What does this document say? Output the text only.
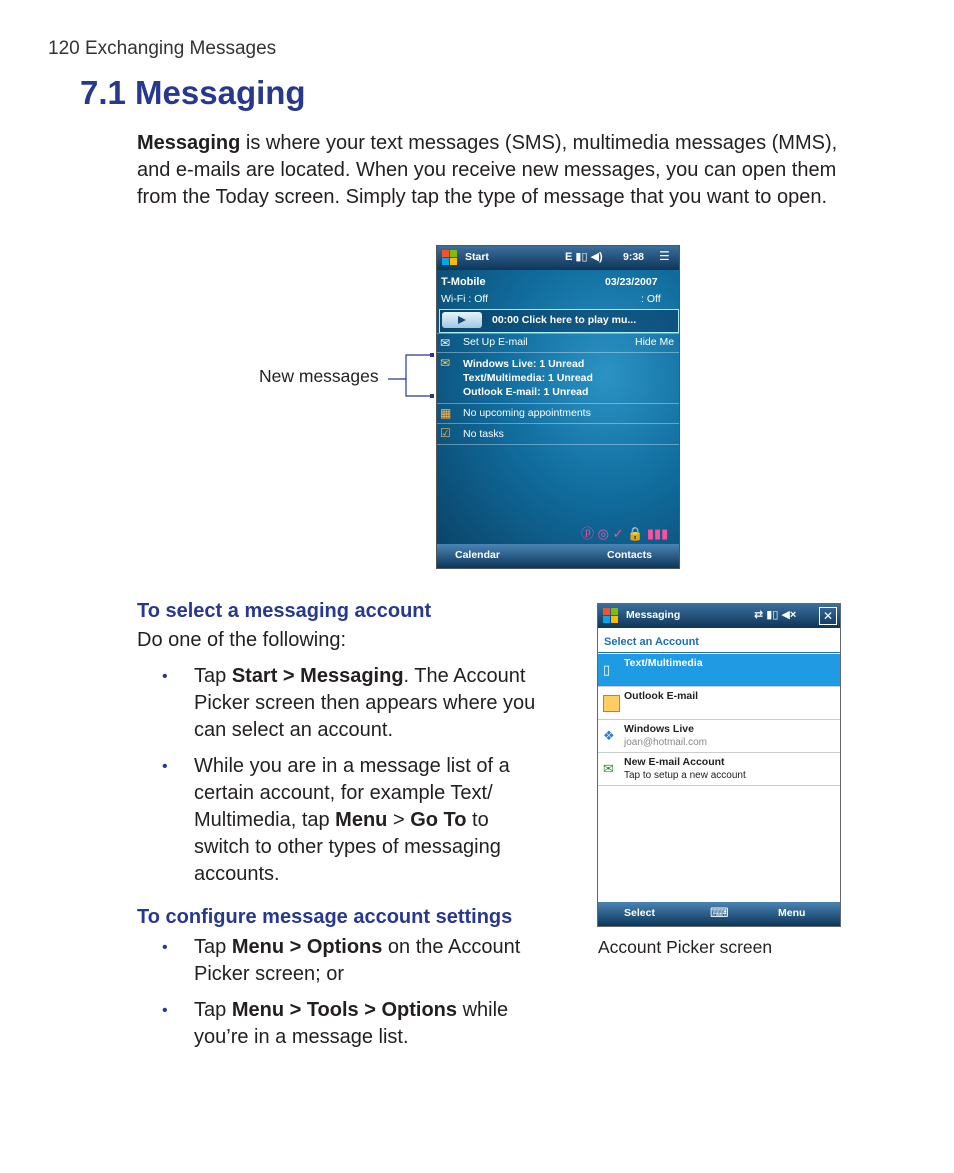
120 Exchanging Messages
7.1 Messaging
Messaging is where your text messages (SMS), multimedia messages (MMS), and e-mails are located. When you receive new messages, you can open them from the Today screen. Simply tap the type of message that you want to open.
Start	E ▮▯ ◀) 9:38 ☰
T-Mobile	03/23/2007
Wi-Fi : Off	: Off
00:00 Click here to play mu...
✉ Set Up E-mail	Hide Me
✉ Windows Live: 1 Unread
Text/Multimedia: 1 Unread
Outlook E-mail: 1 Unread
▦ No upcoming appointments
☑ No tasks
ⓟ ◎ ✓ 🔒 ▮▮▮
Calendar	Contacts
New messages
To select a messaging account
Do one of the following:
• Tap Start > Messaging. The Account Picker screen then appears where you can select an account.
• While you are in a message list of a certain account, for example Text/ Multimedia, tap Menu > Go To to switch to other types of messaging accounts.
To configure message account settings
• Tap Menu > Options on the Account Picker screen; or
• Tap Menu > Tools > Options while you’re in a message list.
Messaging	⇄ ▮▯ ◀×	✕
Select an Account
▯	Text/Multimedia
Outlook E-mail
❖ Windows Live
joan@hotmail.com
✉ New E-mail Account
Tap to setup a new account
Select	⌨	Menu
Account Picker screen
